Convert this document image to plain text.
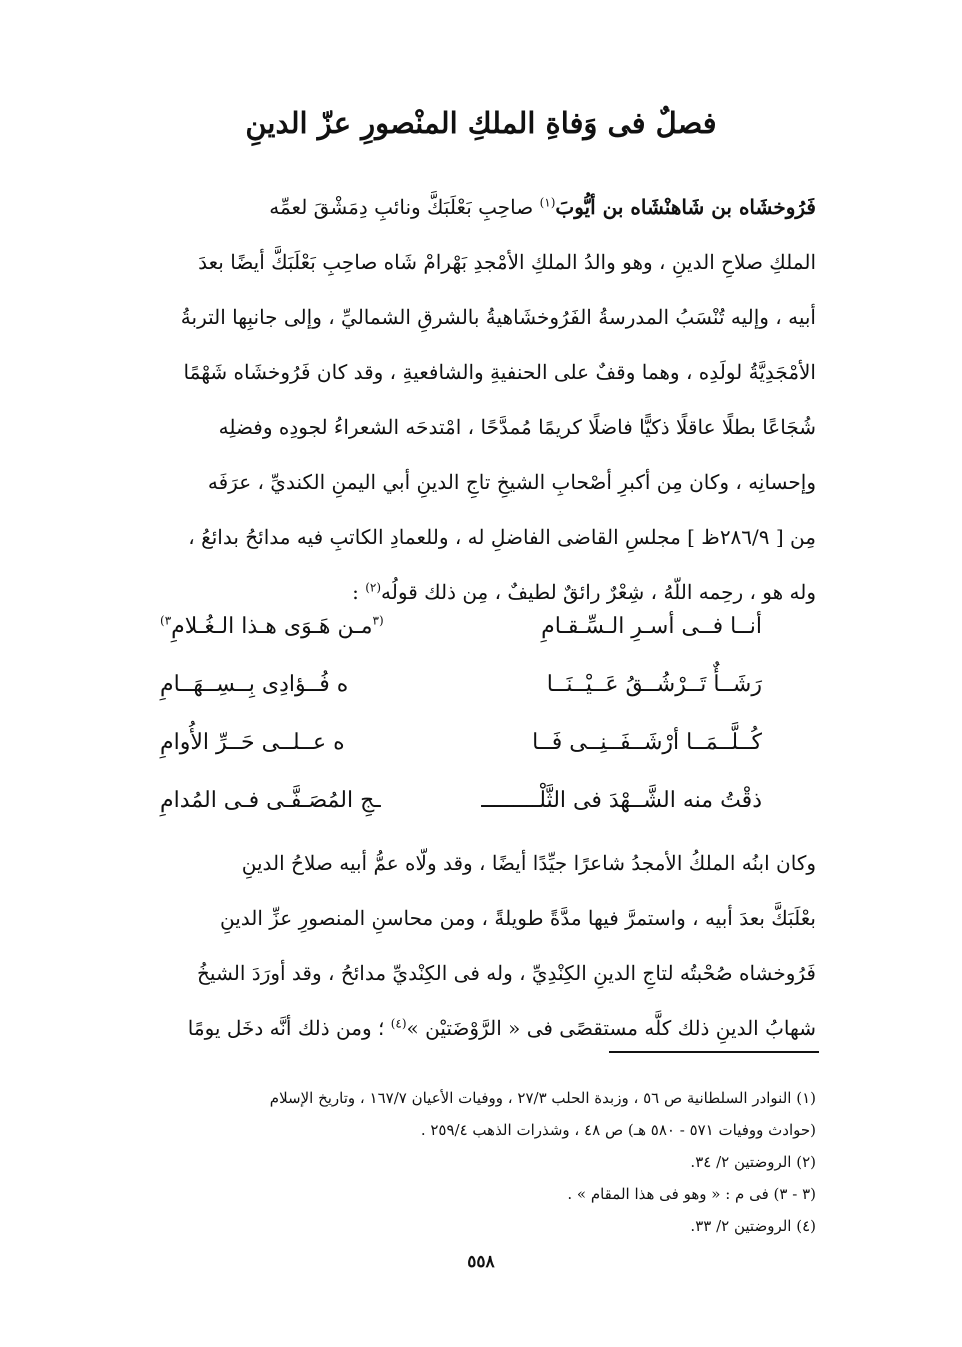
فصلٌ فى وَفاةِ الملكِ المنْصورِ عزّ الدينِ
فَرُوخشَاه بن شَاهنْشَاه بن أيُّوبَ$^{(١)}$ صاحِبِ بَعْلَبَكَّ ونائبِ دِمَشْقَ لعمِّه
الملكِ صلاحِ الدينِ ، وهو والدُ الملكِ الأمْجدِ بَهْرامْ شَاه صاحِبِ بَعْلَبَكَّ أيضًا بعدَ
أبيه ، وإليه تُنْسَبُ المدرسةُ الفَرُوخشَاهيةُ بالشرقِ الشماليِّ ، وإلى جانبِها التربةُ
الأمْجَدِيَّةُ لولَدِه ، وهما وقفٌ على الحنفيةِ والشافعيةِ ، وقد كان فَرُوخشَاه شَهْمًا
شُجَاعًا بطلًا عاقلًا ذكيًّا فاضلًا كريمًا مُمدَّحًا ، امْتدحَه الشعراءُ لجودِه وفضلِه
وإحسانِه ، وكان مِن أكبرِ أصْحابِ الشيخِ تاجِ الدينِ أبي اليمنِ الكنديِّ ، عرَفَه
مِن [ ٢٨٦/٩ظ ] مجلسِ القاضى الفاضلِ له ، وللعمادِ الكاتبِ فيه مدائحُ بدائعُ ،
وله هو ، رحِمه اللّهُ ، شِعْرٌ رائقٌ لطيفٌ ، مِن ذلك قولُه$^{(٢)}$ :
أنــا فــى أسـرِ الـسِّـقـامِ
$^{(٣}$مـن هَـوَى هـذا الـغُـلامِ$^{٣)}$
رَشَــأٌ تَــرْشُــقُ عَــيْــنَــا
ه فُــؤادِى بِــسِــهَــامِ
كُــلَّــمَــا أرْشَــفَــنِــى فَــا
ه عــلــى حَــرِّ الأُوامِ
ذقْتُ منه الشَّــهْدَ فى الثَّلْـــــــــ
ـجِ المُصَـفَّـى فـى المُدامِ
وكان ابنُه الملكُ الأمجدُ شاعرًا جيِّدًا أيضًا ، وقد ولّاه عمُّ أبيه صلاحُ الدينِ
بعْلَبَكَّ بعدَ أبيه ، واستمرَّ فيها مدَّةً طويلةً ، ومن محاسنِ المنصورِ عزِّ الدينِ
فَرُوخشاه صُحْبتُه لتاجِ الدينِ الكِنْدِيِّ ، وله فى الكِنْديِّ مدائحُ ، وقد أورَدَ الشيخُ
شهابُ الدينِ ذلك كلَّه مستقصًى فى « الرَّوْضَتيْن »$^{(٤)}$ ؛ ومن ذلك أنَّه دخَل يومًا
(١) النوادر السلطانية ص ٥٦ ، وزبدة الحلب ٢٧/٣ ، ووفيات الأعيان ١٦٧/٧ ، وتاريخ الإسلام
(حوادث ووفيات ٥٧١ - ٥٨٠ هـ) ص ٤٨ ، وشذرات الذهب ٢٥٩/٤ .
(٢) الروضتين ٢/ ٣٤.
(٣ - ٣) فى م : « وهو فى هذا المقام » .
(٤) الروضتين ٢/ ٣٣.
٥٥٨
